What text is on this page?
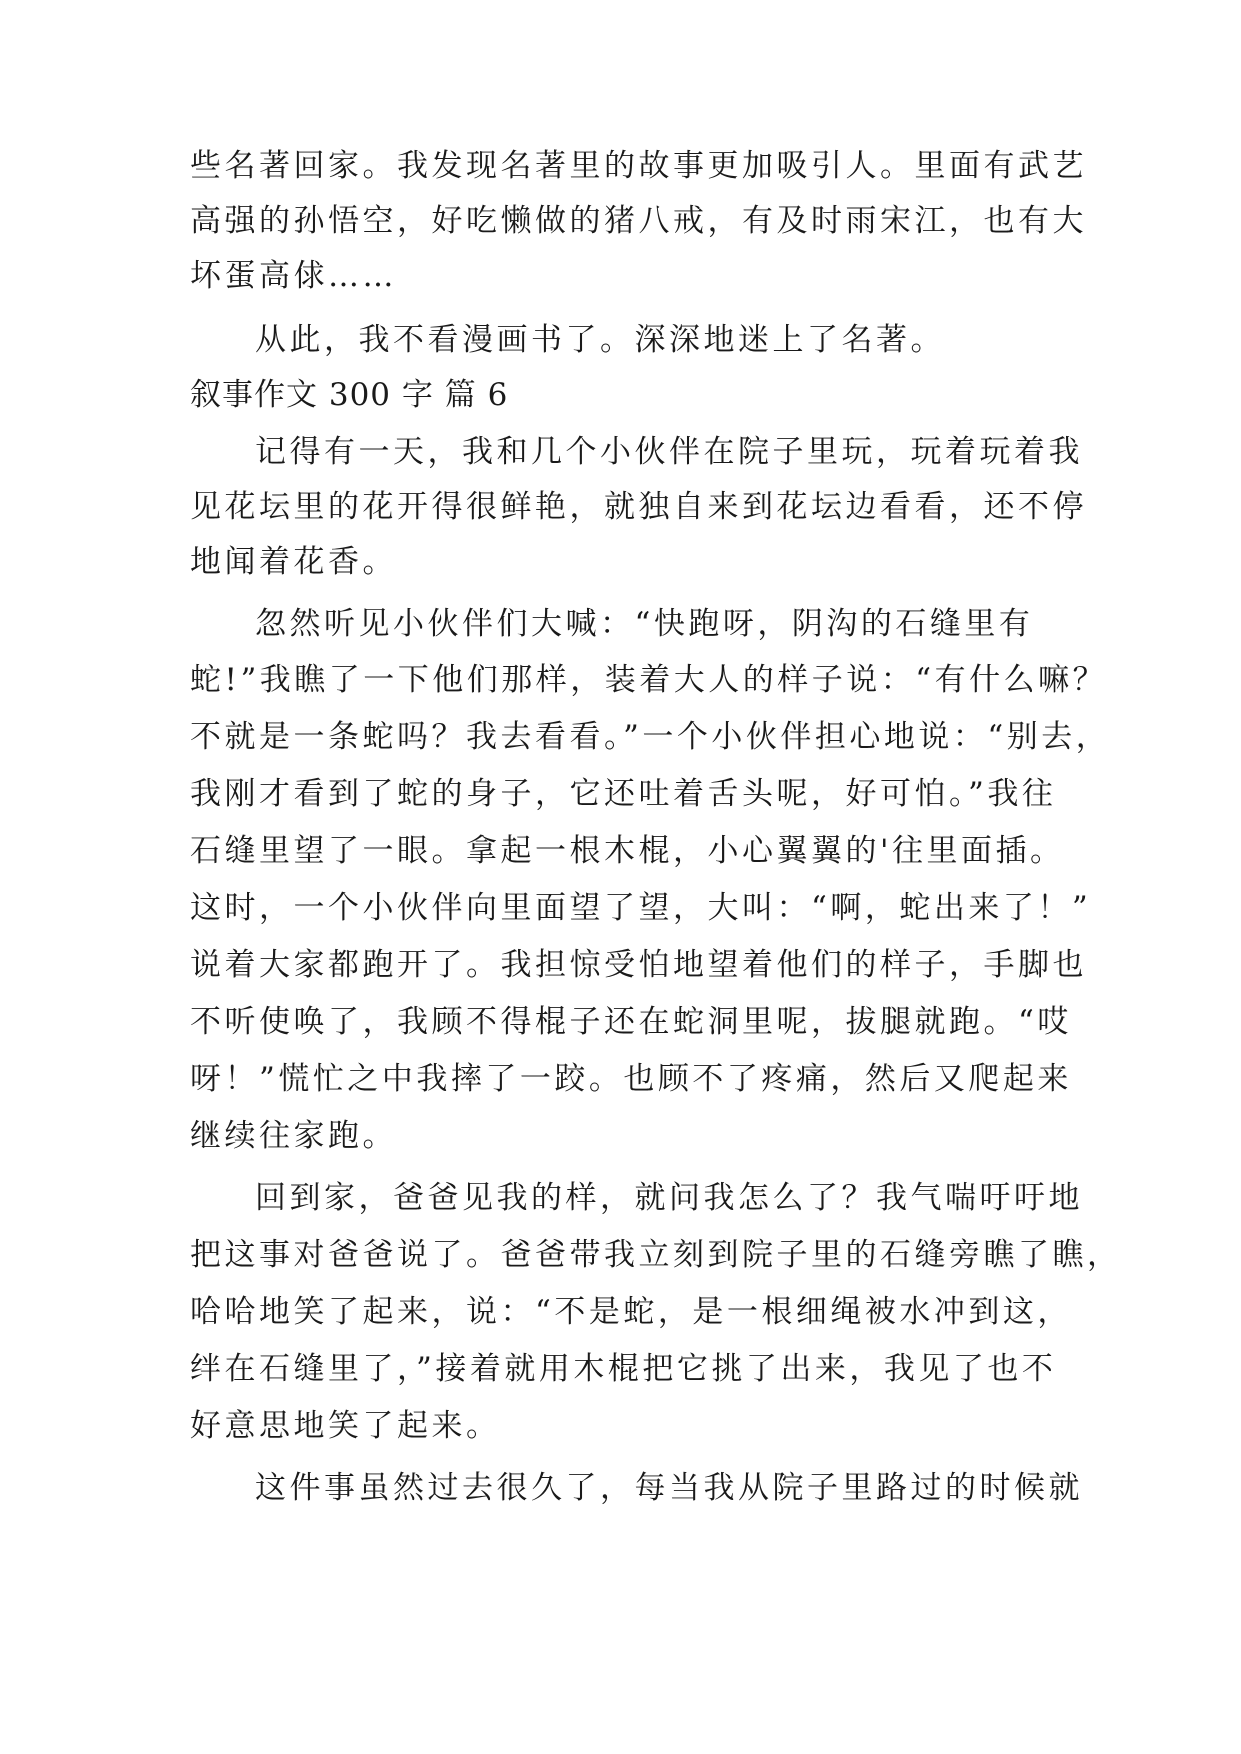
些名著回家。我发现名著里的故事更加吸引人。里面有武艺
高强的孙悟空，好吃懒做的猪八戒，有及时雨宋江，也有大
坏蛋高俅……
从此，我不看漫画书了。深深地迷上了名著。
叙事作文 300 字 篇 6
记得有一天，我和几个小伙伴在院子里玩，玩着玩着我
见花坛里的花开得很鲜艳，就独自来到花坛边看看，还不停
地闻着花香。
忽然听见小伙伴们大喊：“快跑呀，阴沟的石缝里有
蛇!”我瞧了一下他们那样，装着大人的样子说：“有什么嘛？
不就是一条蛇吗？我去看看。”一个小伙伴担心地说：“别去，
我刚才看到了蛇的身子，它还吐着舌头呢，好可怕。”我往
石缝里望了一眼。拿起一根木棍，小心翼翼的'往里面插。
这时，一个小伙伴向里面望了望，大叫：“啊，蛇出来了！”
说着大家都跑开了。我担惊受怕地望着他们的样子，手脚也
不听使唤了，我顾不得棍子还在蛇洞里呢，拔腿就跑。“哎
呀！”慌忙之中我摔了一跤。也顾不了疼痛，然后又爬起来
继续往家跑。
回到家，爸爸见我的样，就问我怎么了？我气喘吁吁地
把这事对爸爸说了。爸爸带我立刻到院子里的石缝旁瞧了瞧，
哈哈地笑了起来，说：“不是蛇，是一根细绳被水冲到这，
绊在石缝里了，”接着就用木棍把它挑了出来，我见了也不
好意思地笑了起来。
这件事虽然过去很久了，每当我从院子里路过的时候就
